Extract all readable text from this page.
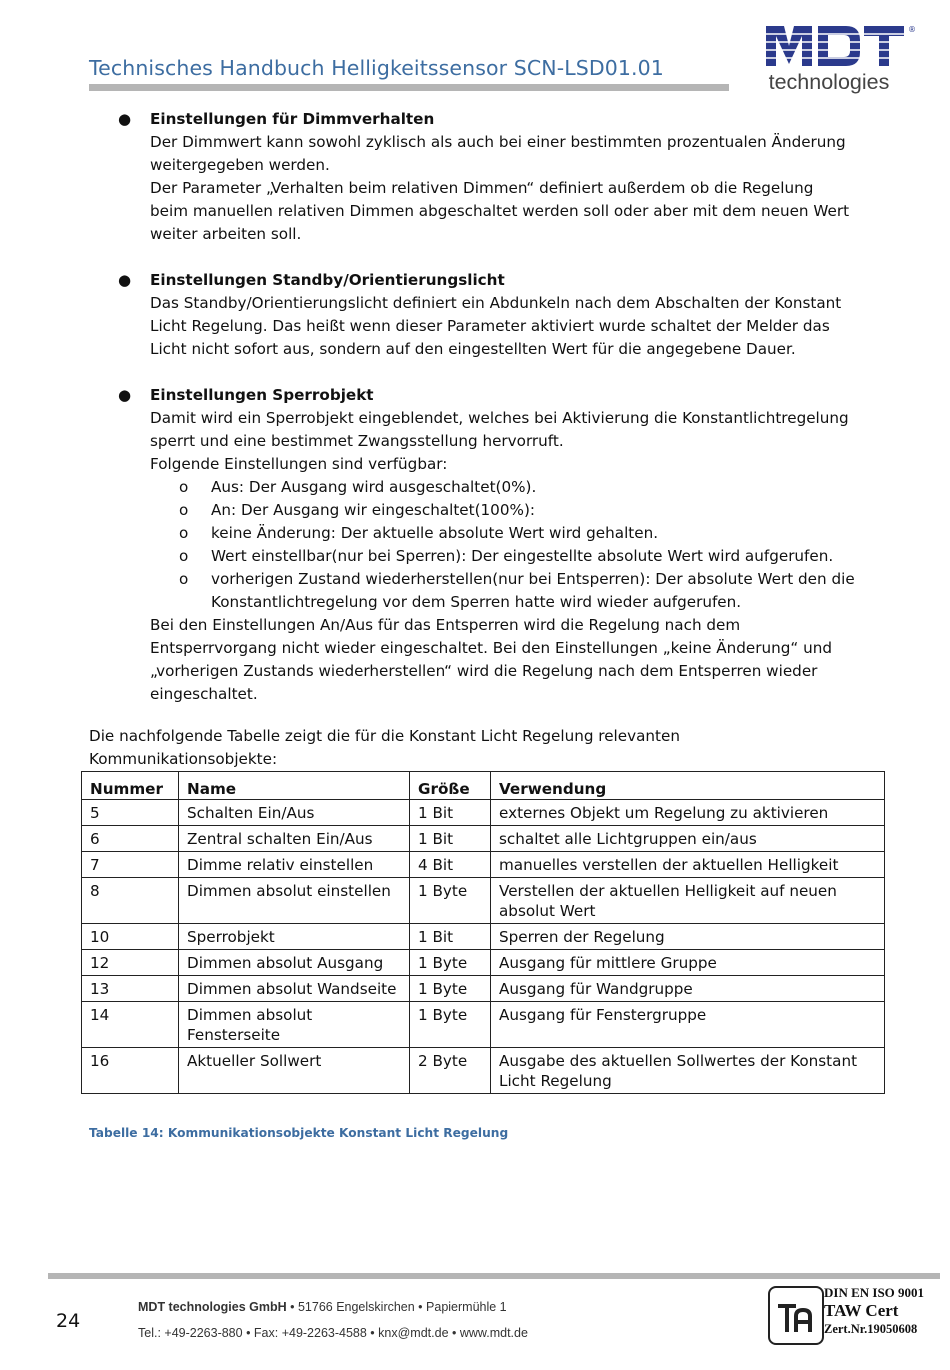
Technisches Handbuch Helligkeitssensor SCN-LSD01.01
®
technologies
● Einstellungen für Dimmverhalten

Der Dimmwert kann sowohl zyklisch als auch bei einer bestimmten prozentualen Änderung

weitergegeben werden.

Der Parameter „Verhalten beim relativen Dimmen“ definiert außerdem ob die Regelung

beim manuellen relativen Dimmen abgeschaltet werden soll oder aber mit dem neuen Wert

weiter arbeiten soll.

● Einstellungen Standby/Orientierungslicht

Das Standby/Orientierungslicht definiert ein Abdunkeln nach dem Abschalten der Konstant

Licht Regelung. Das heißt wenn dieser Parameter aktiviert wurde schaltet der Melder das

Licht nicht sofort aus, sondern auf den eingestellten Wert für die angegebene Dauer.

● Einstellungen Sperrobjekt

Damit wird ein Sperrobjekt eingeblendet, welches bei Aktivierung die Konstantlichtregelung

sperrt und eine bestimmet Zwangsstellung hervorruft.

Folgende Einstellungen sind verfügbar:

o Aus: Der Ausgang wird ausgeschaltet(0%).
o An: Der Ausgang wir eingeschaltet(100%):
o keine Änderung: Der aktuelle absolute Wert wird gehalten.
o Wert einstellbar(nur bei Sperren): Der eingestellte absolute Wert wird aufgerufen.
o vorherigen Zustand wiederherstellen(nur bei Entsperren): Der absolute Wert den die
Konstantlichtregelung vor dem Sperren hatte wird wieder aufgerufen.

Bei den Einstellungen An/Aus für das Entsperren wird die Regelung nach dem

Entsperrvorgang nicht wieder eingeschaltet. Bei den Einstellungen „keine Änderung“ und

„vorherigen Zustands wiederherstellen“ wird die Regelung nach dem Entsperren wieder

eingeschaltet.

Die nachfolgende Tabelle zeigt die für die Konstant Licht Regelung relevanten
Kommunikationsobjekte:
Nummer	Name	Größe	Verwendung
5	Schalten Ein/Aus	1 Bit	externes Objekt um Regelung zu aktivieren
6	Zentral schalten Ein/Aus	1 Bit	schaltet alle Lichtgruppen ein/aus
7	Dimme relativ einstellen	4 Bit	manuelles verstellen der aktuellen Helligkeit
8	Dimmen absolut einstellen	1 Byte	Verstellen der aktuellen Helligkeit auf neuen absolut Wert
10	Sperrobjekt	1 Bit	Sperren der Regelung
12	Dimmen absolut Ausgang	1 Byte	Ausgang für mittlere Gruppe
13	Dimmen absolut Wandseite	1 Byte	Ausgang für Wandgruppe
14	Dimmen absolut Fensterseite	1 Byte	Ausgang für Fenstergruppe
16	Aktueller Sollwert	2 Byte	Ausgabe des aktuellen Sollwertes der Konstant Licht Regelung
Tabelle 14: Kommunikationsobjekte Konstant Licht Regelung
24
MDT technologies GmbH • 51766 Engelskirchen • Papiermühle 1
Tel.: +49-2263-880 • Fax: +49-2263-4588 • knx@mdt.de • www.mdt.de
DIN EN ISO 9001
TAW Cert
Zert.Nr.19050608
